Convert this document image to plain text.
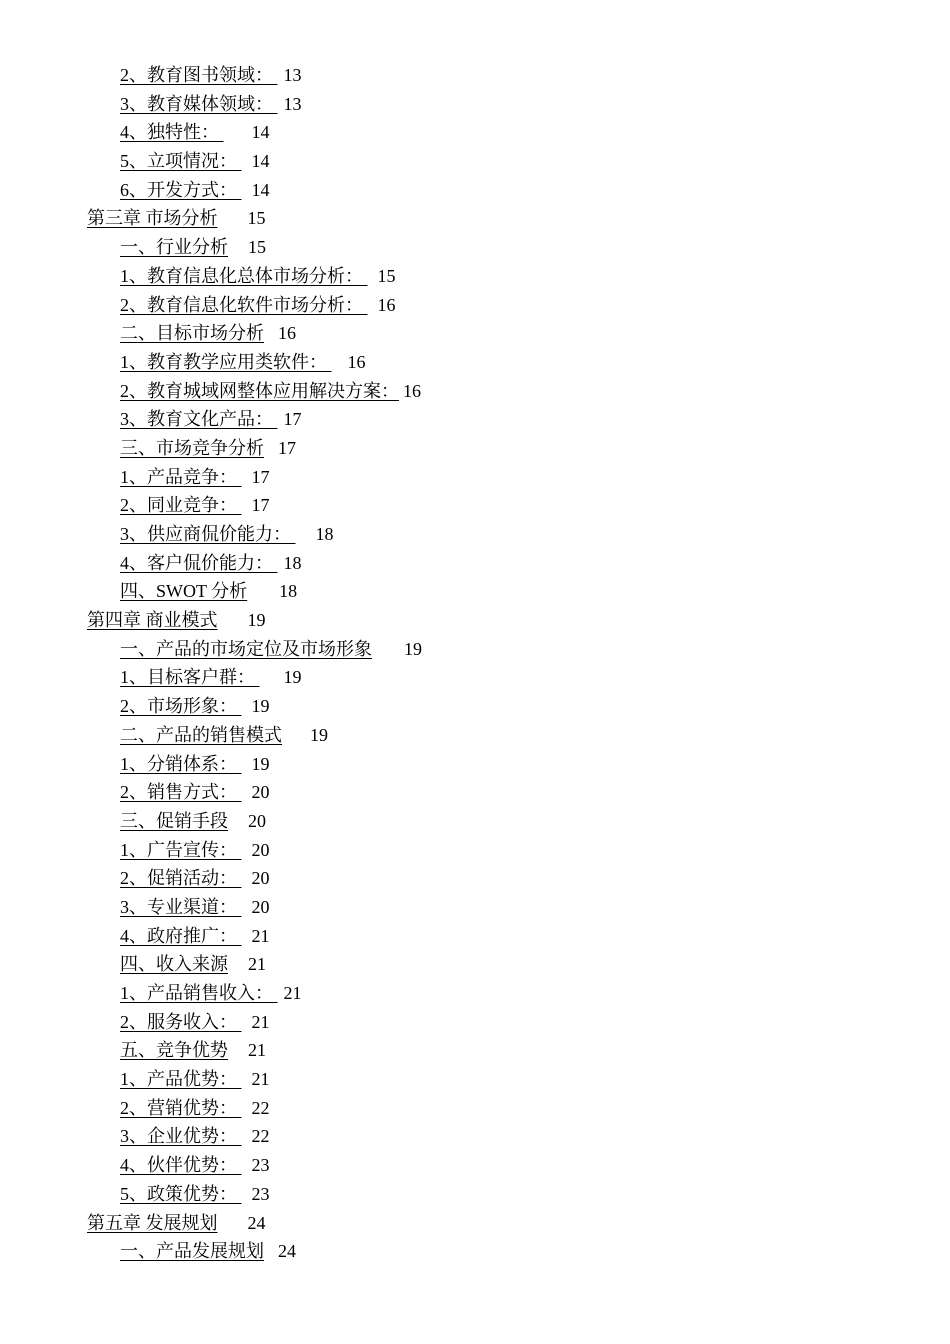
2、教育图书领域： 13
3、教育媒体领域： 13
4、独特性： 14
5、立项情况： 14
6、开发方式： 14
第三章 市场分析 15
一、行业分析 15
1、教育信息化总体市场分析： 15
2、教育信息化软件市场分析： 16
二、目标市场分析 16
1、教育教学应用类软件： 16
2、教育城域网整体应用解决方案： 16
3、教育文化产品： 17
三、市场竞争分析 17
1、产品竞争： 17
2、同业竞争： 17
3、供应商侃价能力： 18
4、客户侃价能力： 18
四、SWOT 分析 18
第四章 商业模式 19
一、产品的市场定位及市场形象 19
1、目标客户群： 19
2、市场形象： 19
二、产品的销售模式 19
1、分销体系： 19
2、销售方式： 20
三、促销手段 20
1、广告宣传： 20
2、促销活动： 20
3、专业渠道： 20
4、政府推广： 21
四、收入来源 21
1、产品销售收入： 21
2、服务收入： 21
五、竞争优势 21
1、产品优势： 21
2、营销优势： 22
3、企业优势： 22
4、伙伴优势： 23
5、政策优势： 23
第五章 发展规划 24
一、产品发展规划 24
